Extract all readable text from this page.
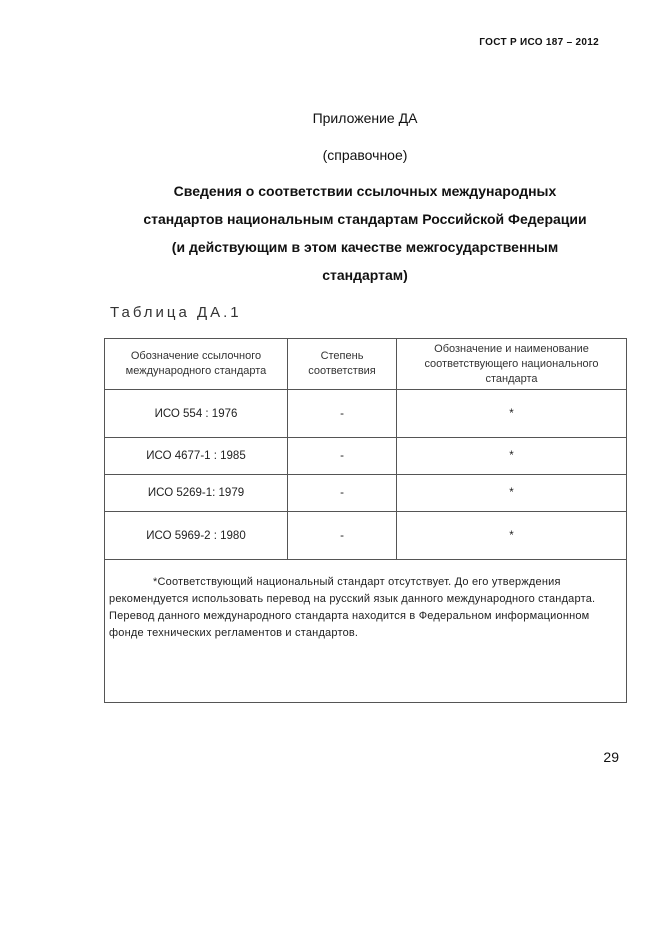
ГОСТ Р ИСО 187 – 2012
Приложение ДА
(справочное)
Сведения о соответствии ссылочных международных
стандартов национальным стандартам Российской Федерации
(и действующим в этом качестве межгосударственным
стандартам)
Таблица ДА.1
Обозначение ссылочного международного стандарта	Степень соответствия	Обозначение и наименование соответствующего национального стандарта
ИСО 554 : 1976	-	*
ИСО 4677-1 : 1985	-	*
ИСО 5269-1: 1979	-	*
ИСО 5969-2 : 1980	-	*

*Соответствующий национальный стандарт отсутствует. До его утверждения рекомендуется использовать перевод на русский язык данного международного стандарта. Перевод данного международного стандарта находится в Федеральном информационном фонде технических регламентов и стандартов.		
29
